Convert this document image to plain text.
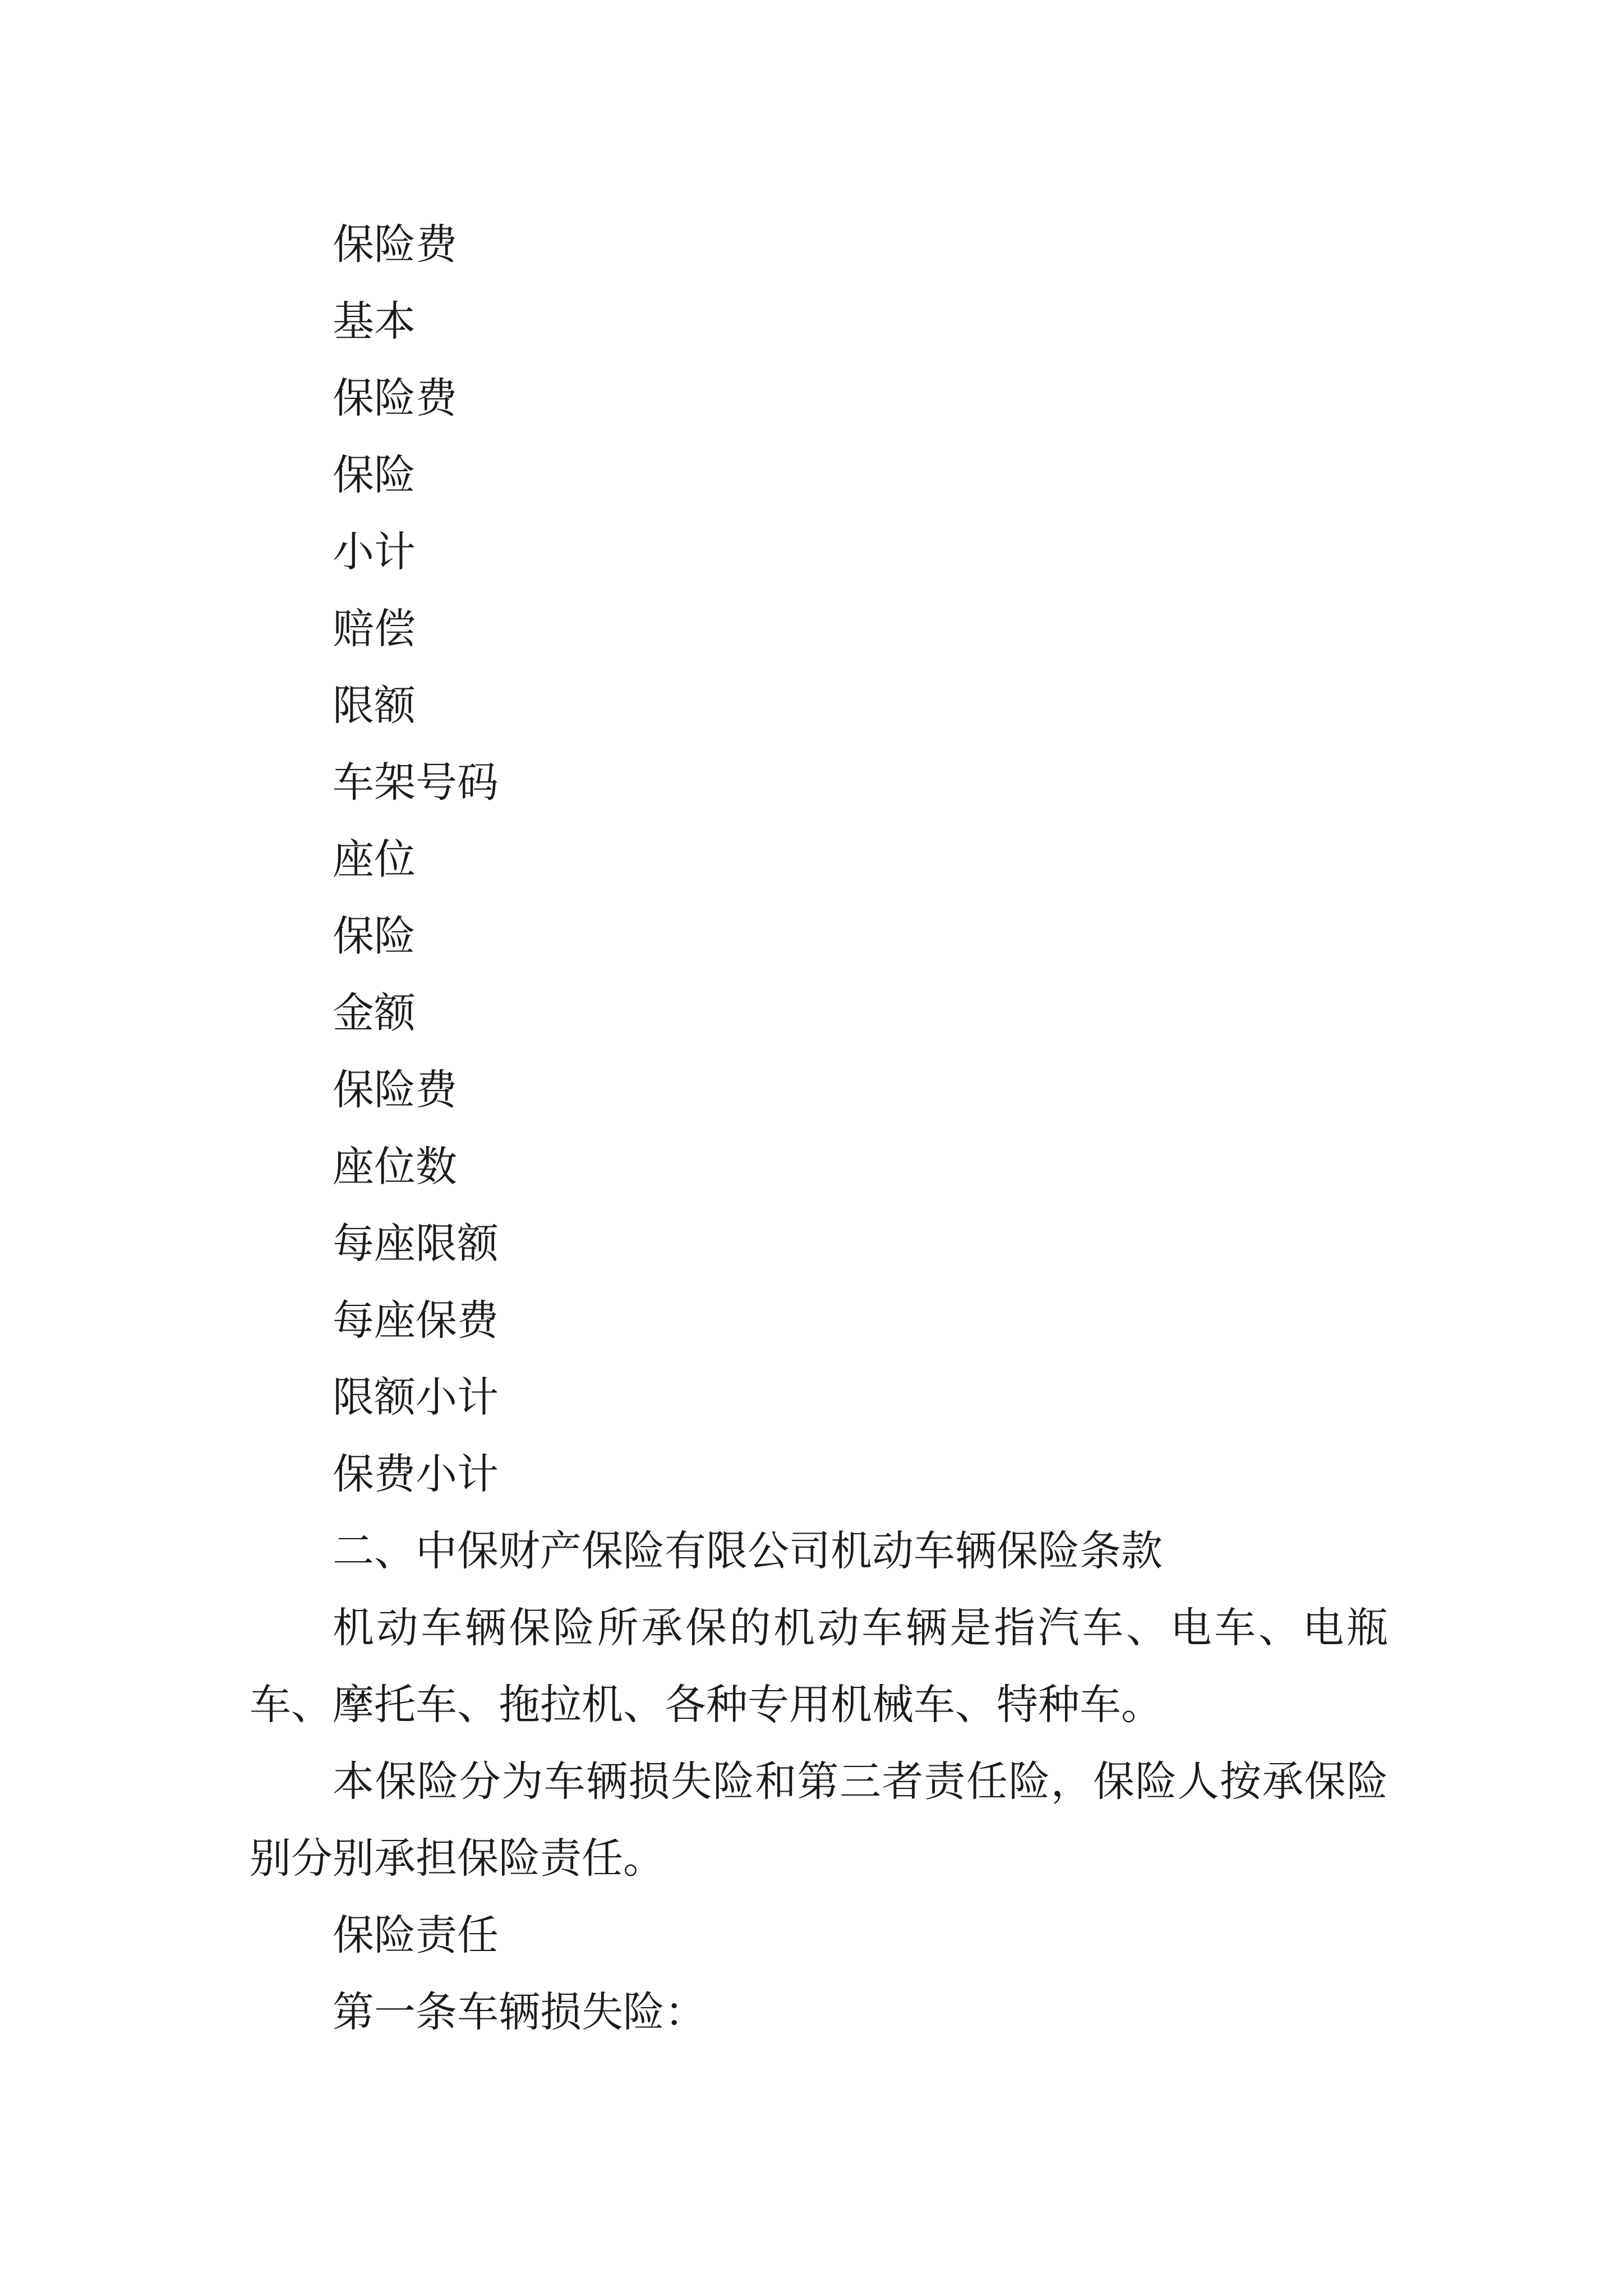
保险费

基本

保险费

保险

小计

赔偿

限额

车架号码

座位

保险

金额

保险费

座位数

每座限额

每座保费

限额小计

保费小计

二、中保财产保险有限公司机动车辆保险条款

机动车辆保险所承保的机动车辆是指汽车、电车、电瓶车、摩托车、拖拉机、各种专用机械车、特种车。

本保险分为车辆损失险和第三者责任险，保险人按承保险别分别承担保险责任。

保险责任

第一条车辆损失险：
